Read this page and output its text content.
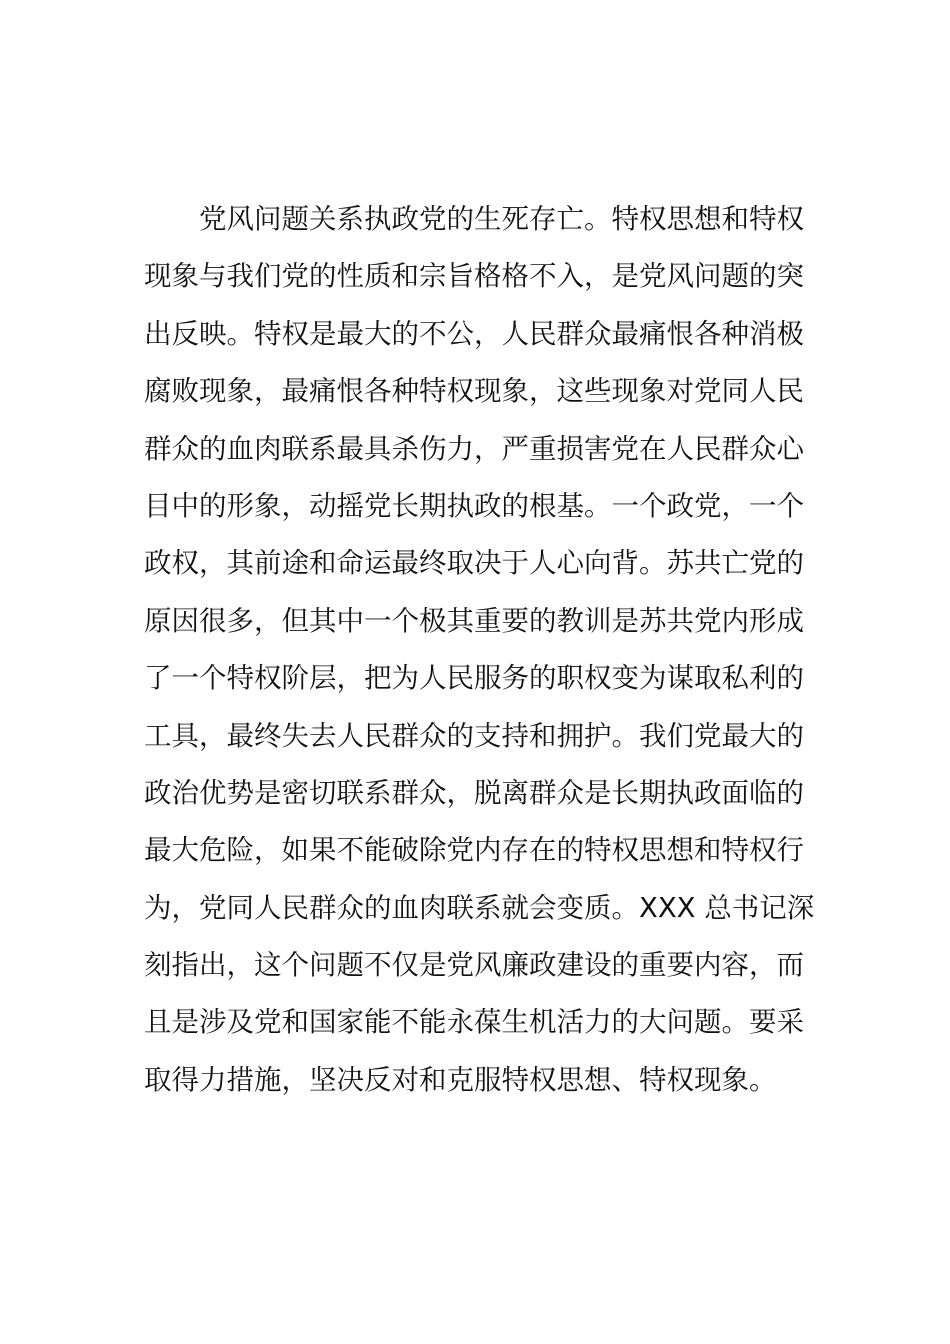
党风问题关系执政党的生死存亡。特权思想和特权
现象与我们党的性质和宗旨格格不入，是党风问题的突
出反映。特权是最大的不公，人民群众最痛恨各种消极
腐败现象，最痛恨各种特权现象，这些现象对党同人民
群众的血肉联系最具杀伤力，严重损害党在人民群众心
目中的形象，动摇党长期执政的根基。一个政党，一个
政权，其前途和命运最终取决于人心向背。苏共亡党的
原因很多，但其中一个极其重要的教训是苏共党内形成
了一个特权阶层，把为人民服务的职权变为谋取私利的
工具，最终失去人民群众的支持和拥护。我们党最大的
政治优势是密切联系群众，脱离群众是长期执政面临的
最大危险，如果不能破除党内存在的特权思想和特权行
为，党同人民群众的血肉联系就会变质。XXX 总书记深
刻指出，这个问题不仅是党风廉政建设的重要内容，而
且是涉及党和国家能不能永葆生机活力的大问题。要采
取得力措施，坚决反对和克服特权思想、特权现象。
